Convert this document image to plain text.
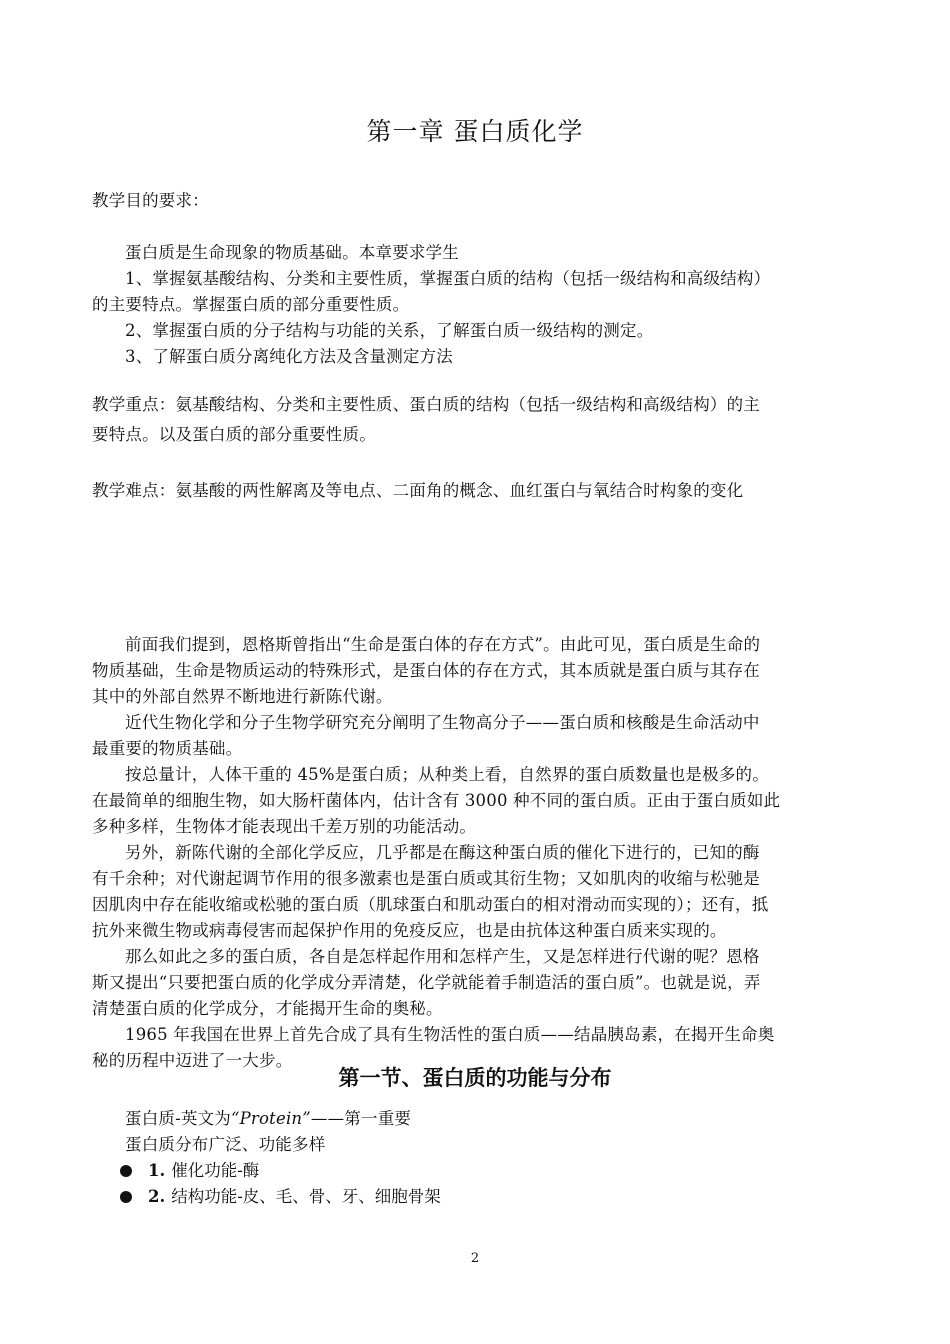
第一章 蛋白质化学
教学目的要求：
蛋白质是生命现象的物质基础。本章要求学生
1、掌握氨基酸结构、分类和主要性质，掌握蛋白质的结构（包括一级结构和高级结构）
的主要特点。掌握蛋白质的部分重要性质。
2、掌握蛋白质的分子结构与功能的关系，了解蛋白质一级结构的测定。
3、了解蛋白质分离纯化方法及含量测定方法
教学重点：氨基酸结构、分类和主要性质、蛋白质的结构（包括一级结构和高级结构）的主
要特点。以及蛋白质的部分重要性质。
教学难点：氨基酸的两性解离及等电点、二面角的概念、血红蛋白与氧结合时构象的变化
前面我们提到，恩格斯曾指出“生命是蛋白体的存在方式”。由此可见，蛋白质是生命的
物质基础，生命是物质运动的特殊形式，是蛋白体的存在方式，其本质就是蛋白质与其存在
其中的外部自然界不断地进行新陈代谢。
近代生物化学和分子生物学研究充分阐明了生物高分子——蛋白质和核酸是生命活动中
最重要的物质基础。
按总量计，人体干重的 45%是蛋白质；从种类上看，自然界的蛋白质数量也是极多的。
在最简单的细胞生物，如大肠杆菌体内，估计含有 3000 种不同的蛋白质。正由于蛋白质如此
多种多样，生物体才能表现出千差万别的功能活动。
另外，新陈代谢的全部化学反应，几乎都是在酶这种蛋白质的催化下进行的，已知的酶
有千余种；对代谢起调节作用的很多激素也是蛋白质或其衍生物；又如肌肉的收缩与松驰是
因肌肉中存在能收缩或松驰的蛋白质（肌球蛋白和肌动蛋白的相对滑动而实现的）；还有，抵
抗外来微生物或病毒侵害而起保护作用的免疫反应，也是由抗体这种蛋白质来实现的。
那么如此之多的蛋白质，各自是怎样起作用和怎样产生，又是怎样进行代谢的呢？恩格
斯又提出“只要把蛋白质的化学成分弄清楚，化学就能着手制造活的蛋白质”。也就是说，弄
清楚蛋白质的化学成分，才能揭开生命的奥秘。
1965 年我国在世界上首先合成了具有生物活性的蛋白质——结晶胰岛素，在揭开生命奥
秘的历程中迈进了一大步。
第一节、蛋白质的功能与分布
蛋白质-英文为“Protein”——第一重要
蛋白质分布广泛、功能多样
1. 催化功能-酶
2. 结构功能-皮、毛、骨、牙、细胞骨架
2
